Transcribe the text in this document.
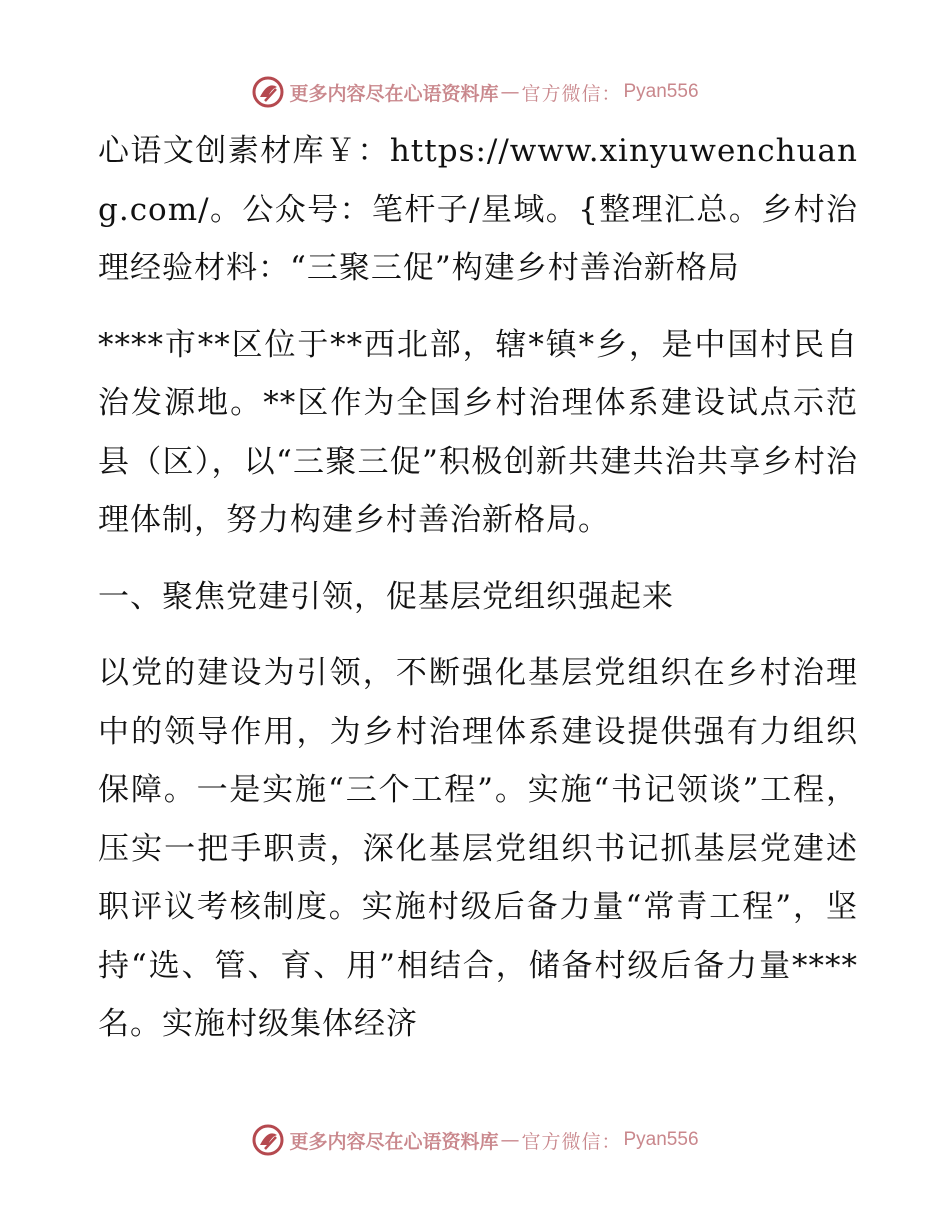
更多内容尽在心语资料库 — 官方微信： Pyan556

心语文创素材库￥：https://www.xinyuwenchuang.com/。公众号：笔杆子/星域。{整理汇总。乡村治理经验材料：“三聚三促”构建乡村善治新格局

****市**区位于**西北部，辖*镇*乡，是中国村民自治发源地。**区作为全国乡村治理体系建设试点示范县（区），以“三聚三促”积极创新共建共治共享乡村治理体制，努力构建乡村善治新格局。

一、聚焦党建引领，促基层党组织强起来

以党的建设为引领，不断强化基层党组织在乡村治理中的领导作用，为乡村治理体系建设提供强有力组织保障。一是实施“三个工程”。实施“书记领谈”工程，压实一把手职责，深化基层党组织书记抓基层党建述职评议考核制度。实施村级后备力量“常青工程”，坚持“选、管、育、用”相结合，储备村级后备力量****名。实施村级集体经济

更多内容尽在心语资料库 — 官方微信： Pyan556
